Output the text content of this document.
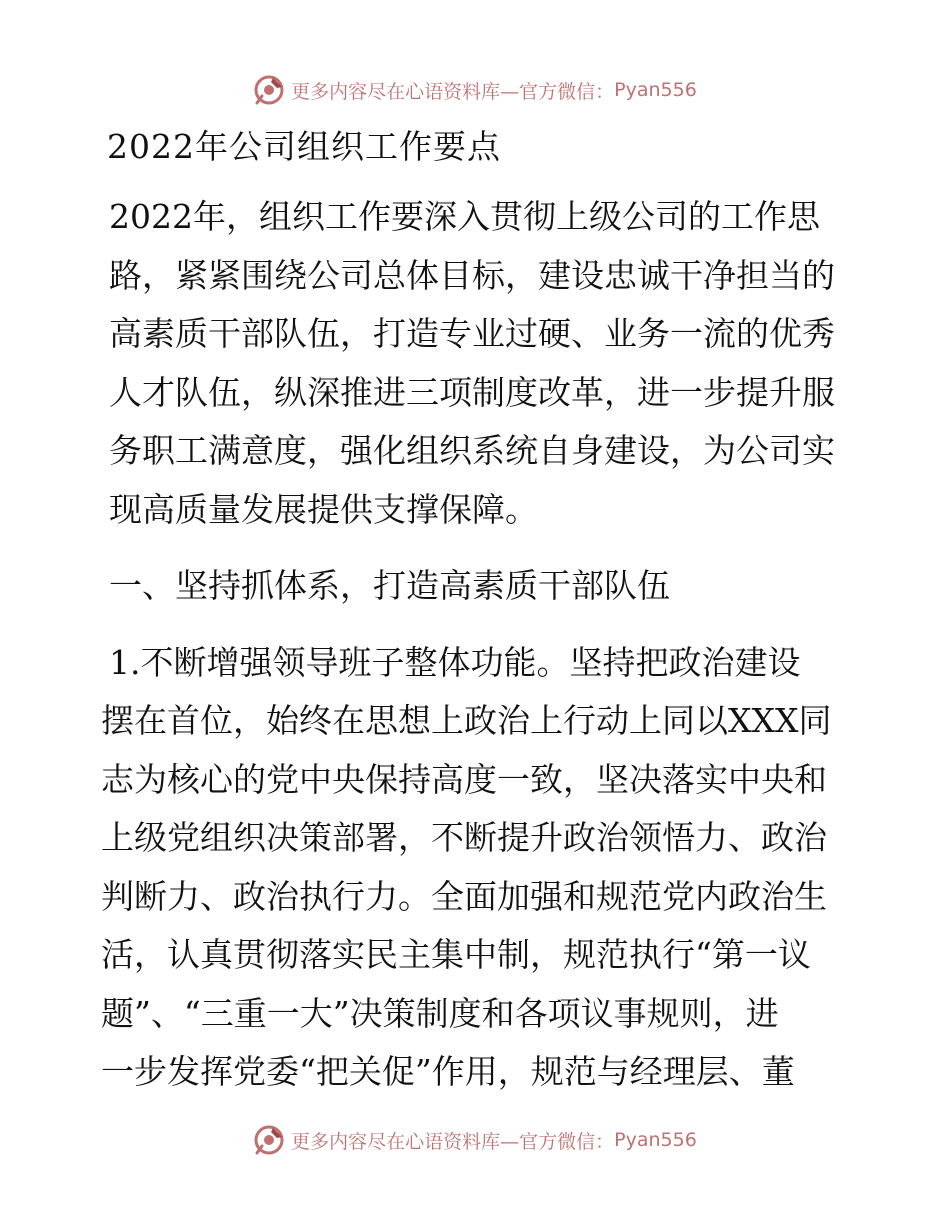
更多内容尽在心语资料库—官方微信： Pyan556
2022年公司组织工作要点

2022年，组织工作要深入贯彻上级公司的工作思
路，紧紧围绕公司总体目标，建设忠诚干净担当的
高素质干部队伍，打造专业过硬、业务一流的优秀
人才队伍，纵深推进三项制度改革，进一步提升服
务职工满意度，强化组织系统自身建设，为公司实
现高质量发展提供支撑保障。

一、坚持抓体系，打造高素质干部队伍

1.不断增强领导班子整体功能。坚持把政治建设
摆在首位，始终在思想上政治上行动上同以XXX同
志为核心的党中央保持高度一致，坚决落实中央和
上级党组织决策部署，不断提升政治领悟力、政治
判断力、政治执行力。全面加强和规范党内政治生
活，认真贯彻落实民主集中制，规范执行“第一议
题”、“三重一大”决策制度和各项议事规则，进
一步发挥党委“把关促”作用，规范与经理层、董

更多内容尽在心语资料库—官方微信： Pyan556
